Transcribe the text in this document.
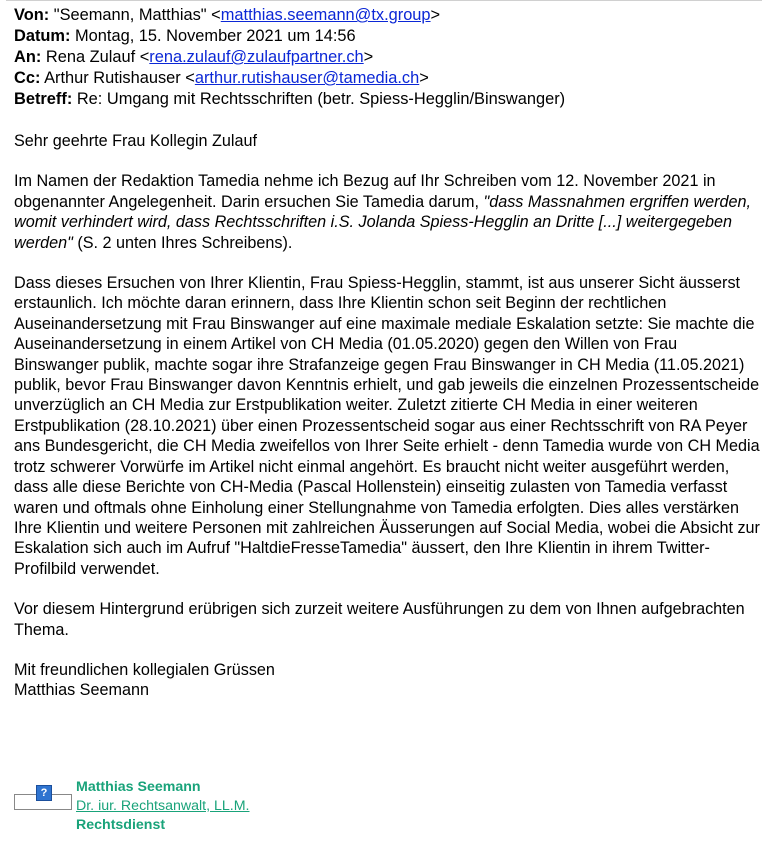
Von: "Seemann, Matthias" <matthias.seemann@tx.group>
Datum: Montag, 15. November 2021 um 14:56
An: Rena Zulauf <rena.zulauf@zulaufpartner.ch>
Cc: Arthur Rutishauser <arthur.rutishauser@tamedia.ch>
Betreff: Re: Umgang mit Rechtsschriften (betr. Spiess-Hegglin/Binswanger)

Sehr geehrte Frau Kollegin Zulauf

Im Namen der Redaktion Tamedia nehme ich Bezug auf Ihr Schreiben vom 12. November 2021 in obgenannter Angelegenheit. Darin ersuchen Sie Tamedia darum, "dass Massnahmen ergriffen werden, womit verhindert wird, dass Rechtsschriften i.S. Jolanda Spiess-Hegglin an Dritte [...] weitergegeben werden" (S. 2 unten Ihres Schreibens).

Dass dieses Ersuchen von Ihrer Klientin, Frau Spiess-Hegglin, stammt, ist aus unserer Sicht äusserst erstaunlich. Ich möchte daran erinnern, dass Ihre Klientin schon seit Beginn der rechtlichen Auseinandersetzung mit Frau Binswanger auf eine maximale mediale Eskalation setzte: Sie machte die Auseinandersetzung in einem Artikel von CH Media (01.05.2020) gegen den Willen von Frau Binswanger publik, machte sogar ihre Strafanzeige gegen Frau Binswanger in CH Media (11.05.2021) publik, bevor Frau Binswanger davon Kenntnis erhielt, und gab jeweils die einzelnen Prozessentscheide unverzüglich an CH Media zur Erstpublikation weiter. Zuletzt zitierte CH Media in einer weiteren Erstpublikation (28.10.2021) über einen Prozessentscheid sogar aus einer Rechtsschrift von RA Peyer ans Bundesgericht, die CH Media zweifellos von Ihrer Seite erhielt - denn Tamedia wurde von CH Media trotz schwerer Vorwürfe im Artikel nicht einmal angehört. Es braucht nicht weiter ausgeführt werden, dass alle diese Berichte von CH-Media (Pascal Hollenstein) einseitig zulasten von Tamedia verfasst waren und oftmals ohne Einholung einer Stellungnahme von Tamedia erfolgten. Dies alles verstärken Ihre Klientin und weitere Personen mit zahlreichen Äusserungen auf Social Media, wobei die Absicht zur Eskalation sich auch im Aufruf "HaltdieFresseTamedia" äussert, den Ihre Klientin in ihrem Twitter-Profilbild verwendet.

Vor diesem Hintergrund erübrigen sich zurzeit weitere Ausführungen zu dem von Ihnen aufgebrachten Thema.

Mit freundlichen kollegialen Grüssen

Matthias Seemann

?	Matthias Seemann
Dr. iur. Rechtsanwalt, LL.M.
Rechtsdienst
